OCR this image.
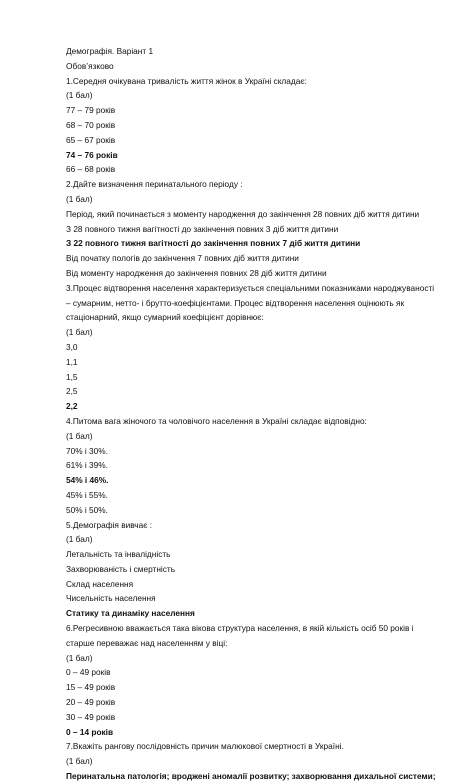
Демографія. Варіант 1
Обов’язково
1.Середня очікувана тривалість життя жінок в Україні складає:
(1 бал)
77 – 79 років
68 – 70 років
65 – 67 років
74 – 76 років
66 – 68 років
2.Дайте визначення перинатального періоду :
(1 бал)
Період, який починається з моменту народження до закінчення 28 повних діб життя дитини
З 28 повного тижня вагітності до закінчення повних 3 діб життя дитини
З 22 повного тижня вагітності до закінчення повних 7 діб життя дитини
Від початку пологів до закінчення 7 повних діб життя дитини
Від моменту народження до закінчення повних 28 діб життя дитини
3.Процес відтворення населення характеризується спеціальними показниками народжуваності – сумарним, нетто- і брутто-коефіцієнтами. Процес відтворення населення оцінюють як стаціонарний, якщо сумарний коефіцієнт дорівнює:
(1 бал)
3,0
1,1
1,5
2,5
2,2
4.Питома вага жіночого та чоловічого населення в Україні складає відповідно:
(1 бал)
70% і 30%.
61% і 39%.
54% і 46%.
45% і 55%.
50% і 50%.
5.Демографія вивчає :
(1 бал)
Летальність та інвалідність
Захворюваність і смертність
Склад населення
Чисельність населення
Статику та динаміку населення
6.Регресивною вважається така вікова структура населення, в якій кількість осіб 50 років і старше переважає над населенням у віці:
(1 бал)
0 – 49 років
15 – 49 років
20 – 49 років
30 – 49 років
0 – 14 років
7.Вкажіть рангову послідовність причин малюкової смертності в Україні.
(1 бал)
Перинатальна патологія; вроджені аномалії розвитку; захворювання дихальної системи;
